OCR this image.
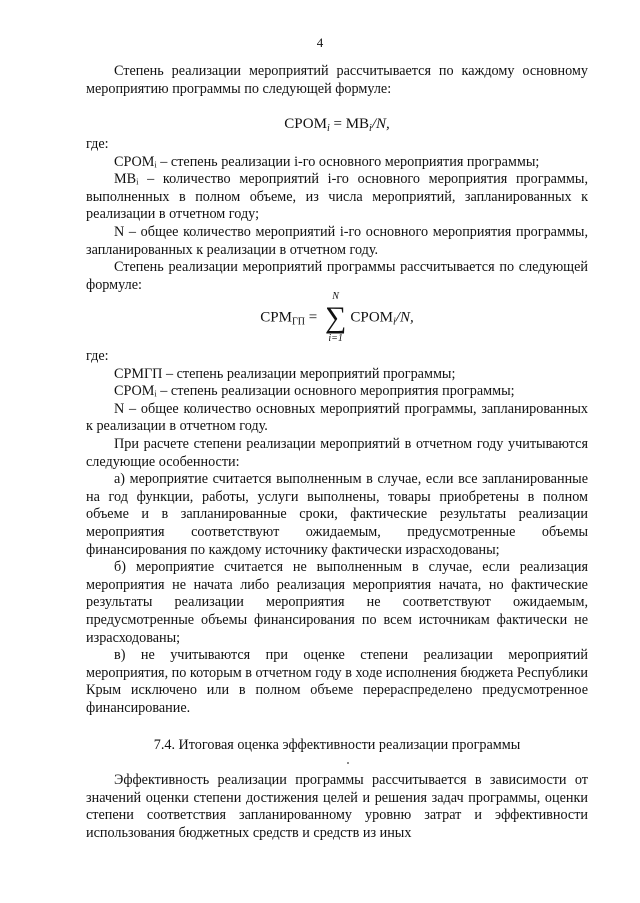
4

Степень реализации мероприятий рассчитывается по каждому основному мероприятию программы по следующей формуле:

$СРОМ_i = МВ_i/N$,

где:

СРОМᵢ – степень реализации i-го основного мероприятия программы;

МВᵢ – количество мероприятий i-го основного мероприятия программы, выполненных в полном объеме, из числа мероприятий, запланированных к реализации в отчетном году;

N – общее количество мероприятий i-го основного мероприятия программы, запланированных к реализации в отчетном году.

Степень реализации мероприятий программы рассчитывается по следующей формуле:

$СРМ_{ГП}$ =
N
∑
i=1
$СРОМ_i/N$,

где:

СРМГП – степень реализации мероприятий программы;

СРОМᵢ – степень реализации основного мероприятия программы;

N – общее количество основных мероприятий программы, запланированных к реализации в отчетном году.

При расчете степени реализации мероприятий в отчетном году учитываются следующие особенности:

а) мероприятие считается выполненным в случае, если все запланированные на год функции, работы, услуги выполнены, товары приобретены в полном объеме и в запланированные сроки, фактические результаты реализации мероприятия соответствуют ожидаемым, предусмотренные объемы финансирования по каждому источнику фактически израсходованы;

б) мероприятие считается не выполненным в случае, если реализация мероприятия не начата либо реализация мероприятия начата, но фактические результаты реализации мероприятия не соответствуют ожидаемым, предусмотренные объемы финансирования по всем источникам фактически не израсходованы;

в) не учитываются при оценке степени реализации мероприятий мероприятия, по которым в отчетном году в ходе исполнения бюджета Республики Крым исключено или в полном объеме перераспределено предусмотренное финансирование.

7.4. Итоговая оценка эффективности реализации программы

Эффективность реализации программы рассчитывается в зависимости от значений оценки степени достижения целей и решения задач программы, оценки степени соответствия запланированному уровню затрат и эффективности использования бюджетных средств и средств из иных
